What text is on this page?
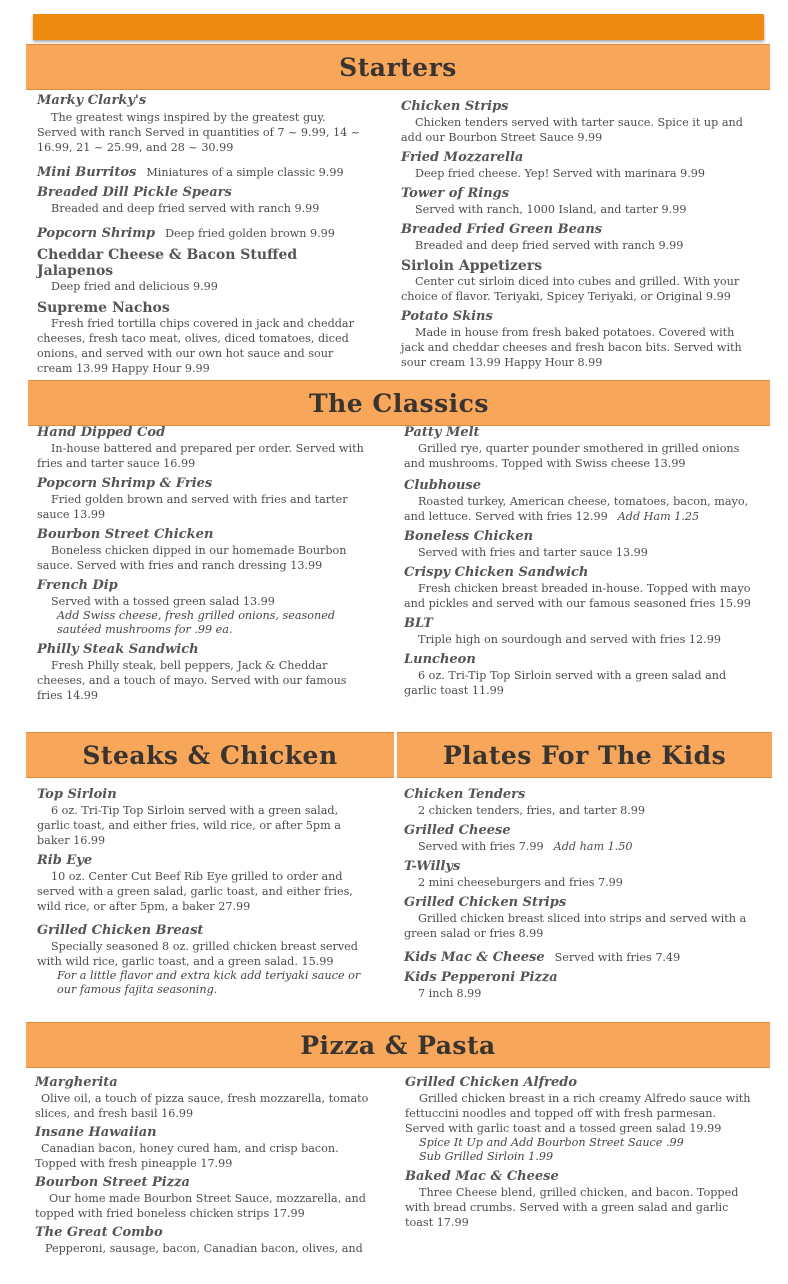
Starters
Marky Clarky's
The greatest wings inspired by the greatest guy. Served with ranch Served in quantities of 7 ~ 9.99, 14 ~ 16.99, 21 ~ 25.99, and 28 ~ 30.99
Mini Burritos Miniatures of a simple classic 9.99
Breaded Dill Pickle Spears
Breaded and deep fried served with ranch 9.99
Popcorn Shrimp Deep fried golden brown 9.99
Cheddar Cheese & Bacon Stuffed Jalapenos
Deep fried and delicious 9.99
Supreme Nachos
Fresh fried tortilla chips covered in jack and cheddar cheeses, fresh taco meat, olives, diced tomatoes, diced onions, and served with our own hot sauce and sour cream 13.99 Happy Hour 9.99
Chicken Strips
Chicken tenders served with tarter sauce. Spice it up and add our Bourbon Street Sauce 9.99
Fried Mozzarella
Deep fried cheese. Yep! Served with marinara 9.99
Tower of Rings
Served with ranch, 1000 Island, and tarter 9.99
Breaded Fried Green Beans
Breaded and deep fried served with ranch 9.99
Sirloin Appetizers
Center cut sirloin diced into cubes and grilled. With your choice of flavor. Teriyaki, Spicey Teriyaki, or Original 9.99
Potato Skins
Made in house from fresh baked potatoes. Covered with jack and cheddar cheeses and fresh bacon bits. Served with sour cream 13.99 Happy Hour 8.99
The Classics
Hand Dipped Cod
In-house battered and prepared per order. Served with fries and tarter sauce 16.99
Popcorn Shrimp & Fries
Fried golden brown and served with fries and tarter sauce 13.99
Bourbon Street Chicken
Boneless chicken dipped in our homemade Bourbon sauce. Served with fries and ranch dressing 13.99
French Dip
Served with a tossed green salad 13.99
Add Swiss cheese, fresh grilled onions, seasoned sautéed mushrooms for .99 ea.
Philly Steak Sandwich
Fresh Philly steak, bell peppers, Jack & Cheddar cheeses, and a touch of mayo. Served with our famous fries 14.99
Patty Melt
Grilled rye, quarter pounder smothered in grilled onions and mushrooms. Topped with Swiss cheese 13.99
Clubhouse
Roasted turkey, American cheese, tomatoes, bacon, mayo, and lettuce. Served with fries 12.99 Add Ham 1.25
Boneless Chicken
Served with fries and tarter sauce 13.99
Crispy Chicken Sandwich
Fresh chicken breast breaded in-house. Topped with mayo and pickles and served with our famous seasoned fries 15.99
BLT
Triple high on sourdough and served with fries 12.99
Luncheon
6 oz. Tri-Tip Top Sirloin served with a green salad and garlic toast 11.99
Steaks & Chicken	Plates For The Kids
Top Sirloin
6 oz. Tri-Tip Top Sirloin served with a green salad, garlic toast, and either fries, wild rice, or after 5pm a baker 16.99
Rib Eye
10 oz. Center Cut Beef Rib Eye grilled to order and served with a green salad, garlic toast, and either fries, wild rice, or after 5pm, a baker 27.99
Grilled Chicken Breast
Specially seasoned 8 oz. grilled chicken breast served with wild rice, garlic toast, and a green salad. 15.99
For a little flavor and extra kick add teriyaki sauce or our famous fajita seasoning.
Chicken Tenders
2 chicken tenders, fries, and tarter 8.99
Grilled Cheese
Served with fries 7.99 Add ham 1.50
T-Willys
2 mini cheeseburgers and fries 7.99
Grilled Chicken Strips
Grilled chicken breast sliced into strips and served with a green salad or fries 8.99
Kids Mac & Cheese Served with fries 7.49
Kids Pepperoni Pizza
7 inch 8.99
Pizza & Pasta
Margherita
Olive oil, a touch of pizza sauce, fresh mozzarella, tomato slices, and fresh basil 16.99
Insane Hawaiian
Canadian bacon, honey cured ham, and crisp bacon. Topped with fresh pineapple 17.99
Bourbon Street Pizza
Our home made Bourbon Street Sauce, mozzarella, and topped with fried boneless chicken strips 17.99
The Great Combo
Pepperoni, sausage, bacon, Canadian bacon, olives, and
Grilled Chicken Alfredo
Grilled chicken breast in a rich creamy Alfredo sauce with fettuccini noodles and topped off with fresh parmesan. Served with garlic toast and a tossed green salad 19.99
Spice It Up and Add Bourbon Street Sauce .99
Sub Grilled Sirloin 1.99
Baked Mac & Cheese
Three Cheese blend, grilled chicken, and bacon. Topped with bread crumbs. Served with a green salad and garlic toast 17.99
